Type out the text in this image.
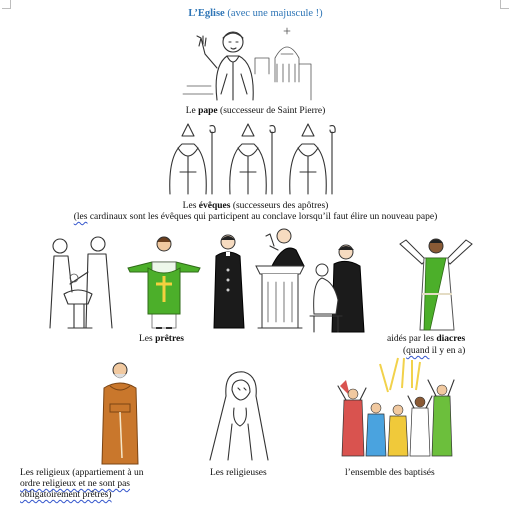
L’Eglise (avec une majuscule !)
Le pape (successeur de Saint Pierre)
Les évêques (successeurs des apôtres)
(les cardinaux sont les évêques qui participent au conclave lorsqu’il faut élire un nouveau pape)
Les prêtres	aidés par les diacres
(quand il y en a)
Les religieux (appartiement à un
ordre religieux et ne sont pas
obligatoirement prêtres)
Les religieuses	l’ensemble des baptisés
